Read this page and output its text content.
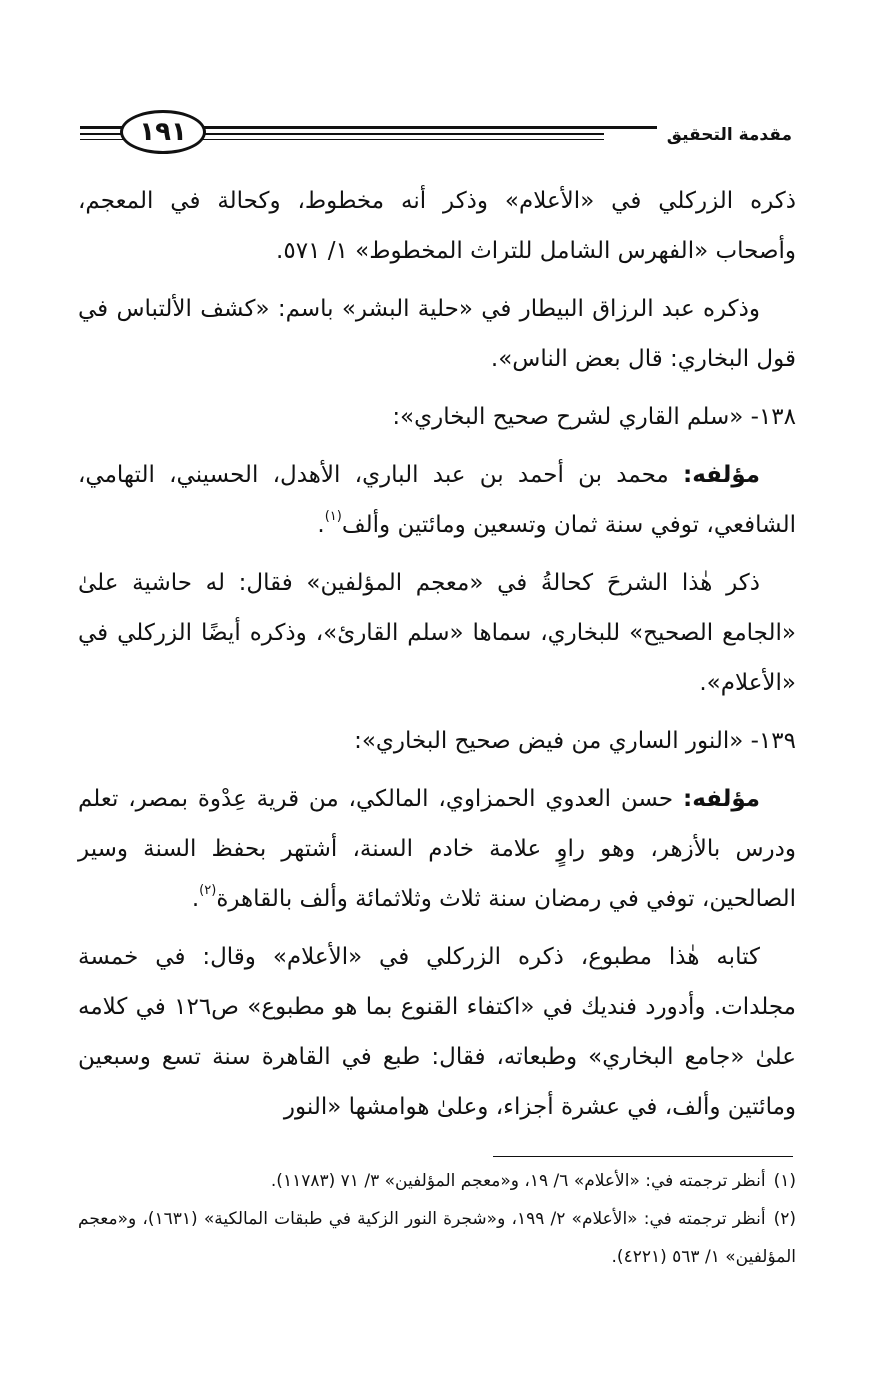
مقدمة التحقيق
١٩١

ذكره الزركلي في «الأعلام» وذكر أنه مخطوط، وكحالة في المعجم، وأصحاب «الفهرس الشامل للتراث المخطوط» ١/ ٥٧١.

وذكره عبد الرزاق البيطار في «حلية البشر» باسم: «كشف الألتباس في قول البخاري: قال بعض الناس».

١٣٨- «سلم القاري لشرح صحيح البخاري»:

مؤلفه: محمد بن أحمد بن عبد الباري، الأهدل، الحسيني، التهامي، الشافعي، توفي سنة ثمان وتسعين ومائتين وألف$^{(١)}$.

ذكر هٰذا الشرحَ كحالةُ في «معجم المؤلفين» فقال: له حاشية علىٰ «الجامع الصحيح» للبخاري، سماها «سلم القارئ»، وذكره أيضًا الزركلي في «الأعلام».

١٣٩- «النور الساري من فيض صحيح البخاري»:

مؤلفه: حسن العدوي الحمزاوي، المالكي، من قرية عِدْوة بمصر، تعلم ودرس بالأزهر، وهو راوٍ علامة خادم السنة، أشتهر بحفظ السنة وسير الصالحين، توفي في رمضان سنة ثلاث وثلاثمائة وألف بالقاهرة$^{(٢)}$.

كتابه هٰذا مطبوع، ذكره الزركلي في «الأعلام» وقال: في خمسة مجلدات. وأدورد فنديك في «اكتفاء القنوع بما هو مطبوع» ص١٢٦ في كلامه علىٰ «جامع البخاري» وطبعاته، فقال: طبع في القاهرة سنة تسع وسبعين ومائتين وألف، في عشرة أجزاء، وعلىٰ هوامشها «النور

(١)أنظر ترجمته في: «الأعلام» ٦/ ١٩، و«معجم المؤلفين» ٣/ ٧١ (١١٧٨٣).

(٢)أنظر ترجمته في: «الأعلام» ٢/ ١٩٩، و«شجرة النور الزكية في طبقات المالكية» (١٦٣١)، و«معجم المؤلفين» ١/ ٥٦٣ (٤٢٢١).
